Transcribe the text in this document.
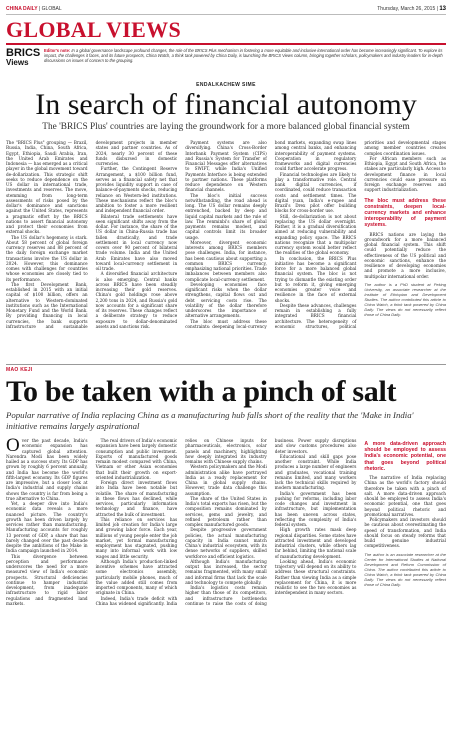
CHINA DAILY | GLOBAL	Thursday, March 26, 2015 | 13
GLOBAL VIEWS
BRICS
Views
Editor's note: In a global governance landscape profound changes, the role of the BRICS Plus mechanism in fostering a more equitable and inclusive international order has become increasingly significant. To explore its impact, the challenges it faces, and its future prospects, China Watch, a think tank powered by China Daily, is launching the BRICS Views column, bringing together scholars, policymakers and industry leaders for in-depth discussions on issues of concern to the grouping.
ENDALKACHEW SIME
In search of financial autonomy
The 'BRICS Plus' countries are laying the groundwork for a more balanced global financial system

The "BRICS Plus" grouping — Brazil, Russia, India, China, South Africa, Egypt, Ethiopia, Saudi Arabia, Iran, the United Arab Emirates and Indonesia — has emerged as a critical player in the global movement toward de-dollarization. This strategic shift seeks to reduce dependence on the US dollar in international trade, investments and reserves. The move, stemming from long-term assessments of risks posed by the dollar's dominance and sanctions against the United States, represents a pragmatic effort by the BRICS nations to assert financial autonomy and protect their economies from external shocks.

The US dollar's hegemony is stark. About 58 percent of global foreign currency reserves and 88 percent of the daily foreign exchange market transactions involve the US dollar in 2024. However, this dominance comes with challenges for countries whose economies are closely tied to its performance.

The first Development Bank, established in 2015 with an initial capital of $100 billion, offers an alternative to Western-dominated institutions such as the International Monetary Fund and the World Bank. By providing financing in local currencies, the bank supports infrastructure and sustainable development projects in member states and partner countries. As of 2024, nearly 30 percent of these funds disbursed in domestic currencies.

Further, the Contingent Reserve Arrangement, a $100 billion fund, serves as a financial safety net that provides liquidity support in case of balance-of-payments shocks, reducing reliance on Western-led institutions. These mechanisms reflect the bloc's ambition to foster a more resilient and independent financial order.

Bilateral trade settlements have seen significant shifts away from the dollar. For instance, the share of the US dollar in China-Russia trade has fallen drastically, and trade settlement in local currency now covers over 90 percent of bilateral trade volume. India and the United Arab Emirates have also moved toward local-currency settlement in oil trade.

A diversified financial architecture is also emerging. Central banks across BRICS have been steadily increasing their gold reserves. China's gold holdings rose above 2,200 tons in 2024, and Russia's gold now accounts for a significant share of its reserves. These changes reflect a deliberate strategy to reduce exposure to dollar-denominated assets and sanctions risk.

Payment systems are also diversifying. China's Cross-Border Interbank Payment System (CIPS) and Russia's System for Transfer of Financial Messages offer alternatives to SWIFT, while India's Unified Payments Interface is being extended to partner nations. These platforms reduce dependence on Western financial channels.

The bloc's initial success notwithstanding, the road ahead is long. The US dollar remains deeply entrenched, backed by deep and liquid capital markets and the rule of law. The renminbi's share of global payments remains modest, and capital controls limit its broader usage.

Moreover, divergent economic interests among BRICS members pose challenges. India, for instance, has been cautious about supporting a common BRICS currency, emphasizing national priorities. Trade imbalances between members also complicate local-currency settlement.

Developing economies face significant risks when the dollar strengthens, capital flows out and debt servicing costs rise. The volatility of the dollar therefore underscores the importance of alternative arrangements.

The bloc must address these constraints: deepening local-currency bond markets, expanding swap lines among central banks, and enhancing interoperability of payment systems. Cooperation in regulatory frameworks and digital currencies could further accelerate progress.

Financial technologies are likely to play a transformative role. Central bank digital currencies, if coordinated, could reduce transaction costs and settlement times. The digital yuan, India's e-rupee and Brazil's Drex pilot offer building blocks for cross-border use.

Still, de-dollarization is not about replacing the US dollar overnight. Rather, it is a gradual diversification aimed at reducing vulnerability and expanding policy space. The BRICS nations recognize that a multipolar currency system would better reflect the realities of the global economy.

In conclusion, the BRICS Plus initiative has become a significant force for a more balanced global financial system. The bloc is not trying to dismantle the existing order but to reform it, giving emerging economies greater voice and resilience in the face of external shocks.

Despite these advances, challenges remain in establishing a fully integrated BRICS financial architecture. The heterogeneity of economic structures, political priorities and developmental stages among member countries creates complex coordination issues.

For African members such as Ethiopia, Egypt and South Africa, the stakes are particularly high. Access to development finance in local currencies could ease pressure on foreign exchange reserves and support industrialization.

The bloc must address these constraints, deepen local-currency markets and enhance interoperability of payment systems.

BRICS nations are laying the groundwork for a more balanced global financial system. This shift could potentially reduce the effectiveness of the US political and economic sanctions, enhance the resilience of developing economies and promote a more inclusive, multipolar international order.

The author is a PhD student at Peking University, an associate researcher at the Institute of Ethiopian and Development Studies. The author contributed this article to China Watch, a think tank powered by China Daily. The views do not necessarily reflect those of China Daily.

MAO KEJI
To be taken with a pinch of salt
Popular narrative of India replacing China as a manufacturing hub falls short of the reality that the 'Make in India' initiative remains largely aspirational

Over the past decade, India's economic expansion has captured global attention. Narendra Modi has been widely hailed as a success story. Its GDP has grown by roughly 6 percent annually, and India has become the world's fifth-largest economy. Its GDP figures are impressive, but a closer look at India's industrial and supply chains shows the country is far from being a true alternative to China.

Yet, a deeper dive into India's economic data reveals a more nuanced picture. The country's growth has been driven largely by services rather than manufacturing. Manufacturing accounts for roughly 13 percent of GDP, a share that has barely changed over the past decade despite the ambitions of the Make in India campaign launched in 2014.

This divergence between perception and performance underscores the need for a more measured view of India's economic prospects. Structural deficiencies continue to hamper industrial development, from inadequate infrastructure to rigid labor regulations and fragmented land markets.

The real drivers of India's economic expansion have been largely domestic consumption and public investment. Exports of manufactured goods remain modest compared with China, Vietnam or other Asian economies that built their growth on export-oriented industrialization.

Foreign direct investment flows into India have been notable but volatile. The share of manufacturing in these flows has declined, while services, particularly information technology and finance, have attracted the bulk of investment.

This reliance on services has limited job creation for India's large and growing labor force. Each year, millions of young people enter the job market, yet formal manufacturing employment has stagnated, pushing many into informal work with low wages and little security.

Although India's production-linked incentive schemes have attracted some electronics assembly, particularly mobile phones, much of the value added still comes from imported components, many of which originate in China.

Indeed, India's trade deficit with China has widened significantly. India relies on Chinese inputs for pharmaceuticals, electronics, solar panels and machinery, highlighting how deeply integrated its industry remains with Chinese supply chains.

Western policymakers and the Modi administration alike have portrayed India as a ready replacement for China in global supply chains. However, trade data challenge this assumption.

The share of the United States in India's total exports has risen, but the composition remains dominated by services, gems and jewelry, and refined petroleum rather than complex manufactured goods.

Despite progressive government policies, the actual manufacturing capacity in India cannot match China's industrial ecosystem, with its dense networks of suppliers, skilled workforce and efficient logistics.

Although India's manufacturing output has increased, the sector remains fragmented, with many small and informal firms that lack the scale and technology to compete globally.

India's logistics costs remain higher than those of its competitors, and infrastructure bottlenecks continue to raise the costs of doing business. Power supply disruptions and slow customs procedures also deter investors.

Educational and skill gaps pose another constraint. While India produces a large number of engineers and graduates, vocational training remains limited, and many workers lack the technical skills required by modern manufacturing.

India's government has been pushing for reforms, including labor code changes and investment in infrastructure, but implementation has been uneven across states, reflecting the complexity of India's federal system.

High growth rates mask deep regional disparities. Some states have attracted investment and developed industrial clusters, while others lag far behind, limiting the national scale of manufacturing development.

Looking ahead, India's economic trajectory will depend on its ability to address these structural constraints. Rather than viewing India as a simple replacement for China, it is more realistic to see the two economies as interdependent in many sectors.

A more data-driven approach should be employed to assess India's economic potential, one that goes beyond political rhetoric.

The narrative of India replacing China as the world's factory should therefore be taken with a pinch of salt. A more data-driven approach should be employed to assess India's economic potential, one that goes beyond political rhetoric and promotional narratives.

Policymakers and investors should be cautious about overestimating the speed of transformation, and India should focus on steady reforms that build genuine industrial competitiveness.

The author is an associate researcher at the Center for International Studies at National Development and Reform Commission of China. The author contributed this article to China Watch, a think tank powered by China Daily. The views do not necessarily reflect those of China Daily.
